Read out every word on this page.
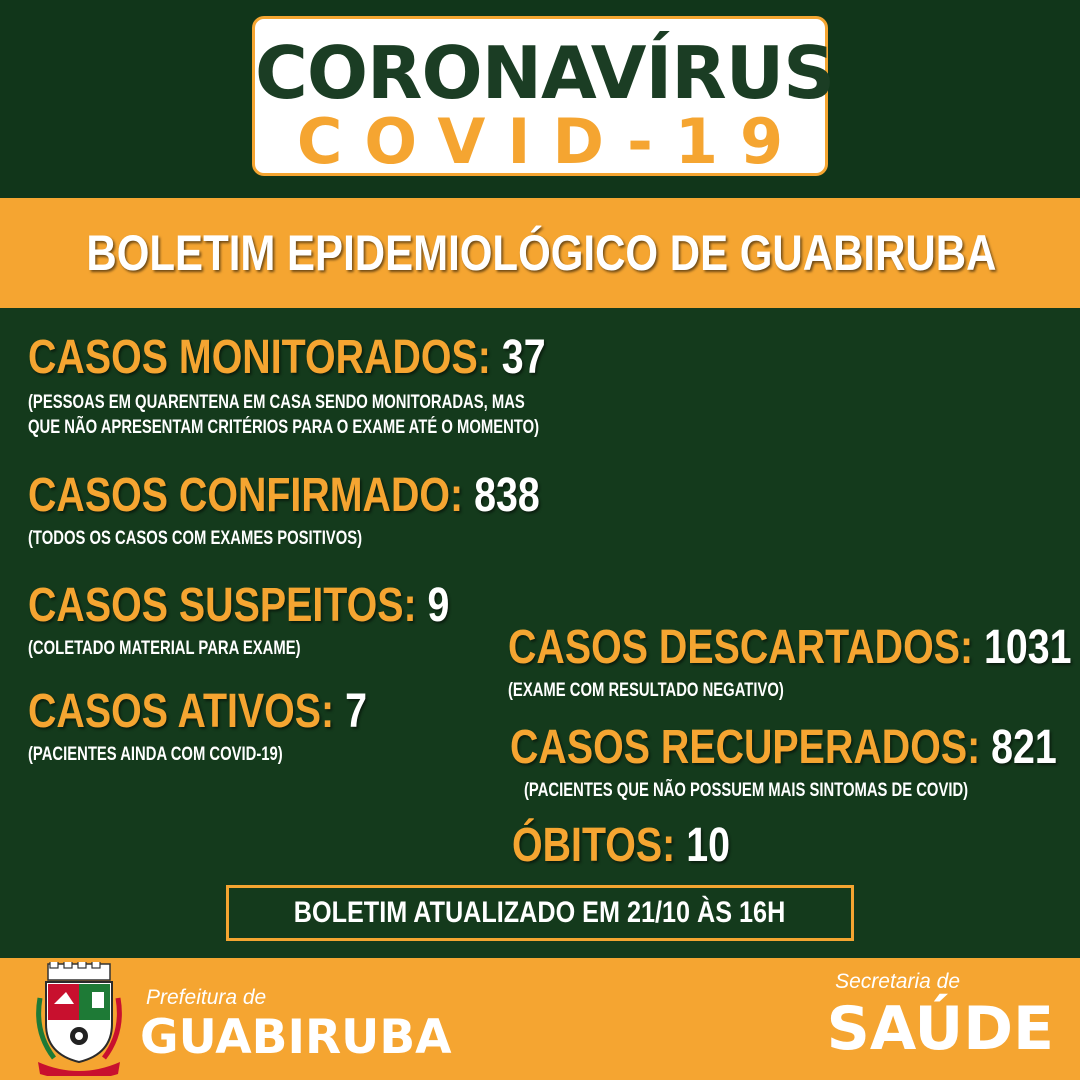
CORONAVÍRUS
COVID-19
BOLETIM EPIDEMIOLÓGICO DE GUABIRUBA
CASOS MONITORADOS: 37
(PESSOAS EM QUARENTENA EM CASA SENDO MONITORADAS, MAS
QUE NÃO APRESENTAM CRITÉRIOS PARA O EXAME ATÉ O MOMENTO)
CASOS CONFIRMADO: 838
(TODOS OS CASOS COM EXAMES POSITIVOS)
CASOS SUSPEITOS: 9
(COLETADO MATERIAL PARA EXAME)
CASOS ATIVOS: 7
(PACIENTES AINDA COM COVID-19)
CASOS DESCARTADOS: 1031
(EXAME COM RESULTADO NEGATIVO)
CASOS RECUPERADOS: 821
(PACIENTES QUE NÃO POSSUEM MAIS SINTOMAS DE COVID)
ÓBITOS: 10
BOLETIM ATUALIZADO EM 21/10 ÀS 16H
Prefeitura de
GUABIRUBA
Secretaria de
SAÚDE
